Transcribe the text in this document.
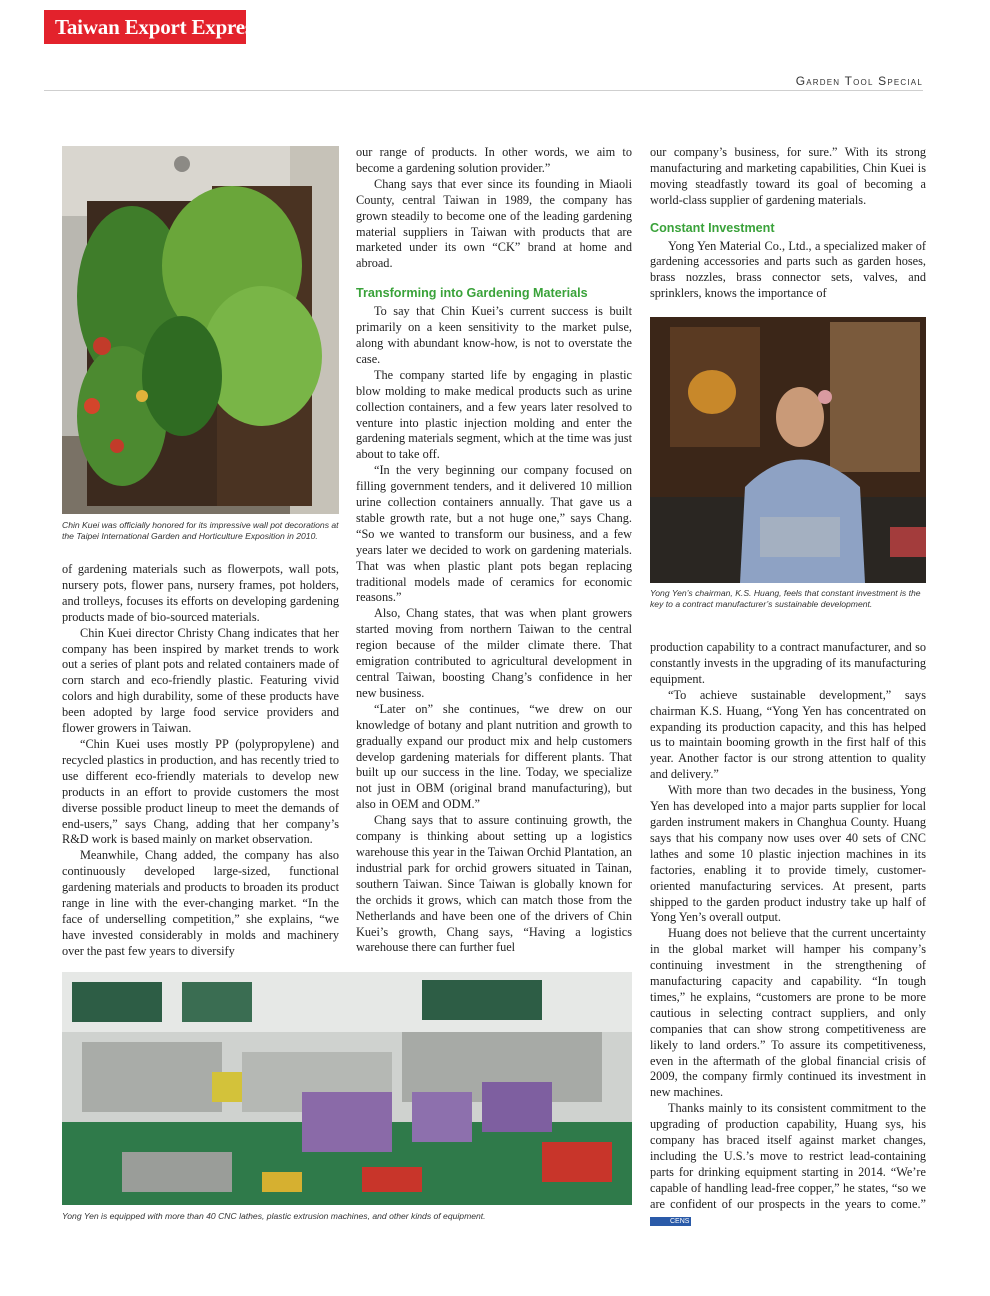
Taiwan Export Express
Garden Tool Special
Chin Kuei was officially honored for its impressive wall pot decorations at the Taipei International Garden and Horticulture Exposition in 2010.

of gardening materials such as flowerpots, wall pots, nursery pots, flower pans, nursery frames, pot holders, and trolleys, focuses its efforts on developing gardening products made of bio-sourced materials.

Chin Kuei director Christy Chang indicates that her company has been inspired by market trends to work out a series of plant pots and related containers made of corn starch and eco-friendly plastic. Featuring vivid colors and high durability, some of these products have been adopted by large food service providers and flower growers in Taiwan.

“Chin Kuei uses mostly PP (polypropylene) and recycled plastics in production, and has recently tried to use different eco-friendly materials to develop new products in an effort to provide customers the most diverse possible product lineup to meet the demands of end-users,” says Chang, adding that her company’s R&D work is based mainly on market observation.

Meanwhile, Chang added, the company has also continuously developed large-sized, functional gardening materials and products to broaden its product range in line with the ever-changing market. “In the face of underselling competition,” she explains, “we have invested considerably in molds and machinery over the past few years to diversify

our range of products. In other words, we aim to become a gardening solution provider.”

Chang says that ever since its founding in Miaoli County, central Taiwan in 1989, the company has grown steadily to become one of the leading gardening material suppliers in Taiwan with products that are marketed under its own “CK” brand at home and abroad.

Transforming into Gardening Materials

To say that Chin Kuei’s current success is built primarily on a keen sensitivity to the market pulse, along with abundant know-how, is not to overstate the case.

The company started life by engaging in plastic blow molding to make medical products such as urine collection containers, and a few years later resolved to venture into plastic injection molding and enter the gardening materials segment, which at the time was just about to take off.

“In the very beginning our company focused on filling government tenders, and it delivered 10 million urine collection containers annually. That gave us a stable growth rate, but a not huge one,” says Chang. “So we wanted to transform our business, and a few years later we decided to work on gardening materials. That was when plastic plant pots began replacing traditional models made of ceramics for economic reasons.”

Also, Chang states, that was when plant growers started moving from northern Taiwan to the central region because of the milder climate there. That emigration contributed to agricultural development in central Taiwan, boosting Chang’s confidence in her new business.

“Later on” she continues, “we drew on our knowledge of botany and plant nutrition and growth to gradually expand our product mix and help customers develop gardening materials for different plants. That built up our success in the line. Today, we specialize not just in OBM (original brand manufacturing), but also in OEM and ODM.”

Chang says that to assure continuing growth, the company is thinking about setting up a logistics warehouse this year in the Taiwan Orchid Plantation, an industrial park for orchid growers situated in Tainan, southern Taiwan. Since Taiwan is globally known for the orchids it grows, which can match those from the Netherlands and have been one of the drivers of Chin Kuei’s growth, Chang says, “Having a logistics warehouse there can further fuel

our company’s business, for sure.” With its strong manufacturing and marketing capabilities, Chin Kuei is moving steadfastly toward its goal of becoming a world-class supplier of gardening materials.

Constant Investment

Yong Yen Material Co., Ltd., a specialized maker of gardening accessories and parts such as garden hoses, brass nozzles, brass connector sets, valves, and sprinklers, knows the importance of

Yong Yen’s chairman, K.S. Huang, feels that constant investment is the key to a contract manufacturer’s sustainable development.

production capability to a contract manufacturer, and so constantly invests in the upgrading of its manufacturing equipment.

“To achieve sustainable development,” says chairman K.S. Huang, “Yong Yen has concentrated on expanding its production capacity, and this has helped us to maintain booming growth in the first half of this year. Another factor is our strong attention to quality and delivery.”

With more than two decades in the business, Yong Yen has developed into a major parts supplier for local garden instrument makers in Changhua County. Huang says that his company now uses over 40 sets of CNC lathes and some 10 plastic injection machines in its factories, enabling it to provide timely, customer-oriented manufacturing services. At present, parts shipped to the garden product industry take up half of Yong Yen’s overall output.

Huang does not believe that the current uncertainty in the global market will hamper his company’s continuing investment in the strengthening of manufacturing capacity and capability. “In tough times,” he explains, “customers are prone to be more cautious in selecting contract suppliers, and only companies that can show strong competitiveness are likely to land orders.” To assure its competitiveness, even in the aftermath of the global financial crisis of 2009, the company firmly continued its investment in new machines.

Thanks mainly to its consistent commitment to the upgrading of production capability, Huang sys, his company has braced itself against market changes, including the U.S.’s move to restrict lead-containing parts for drinking equipment starting in 2014. “We’re capable of handling lead-free copper,” he states, “so we are confident of our prospects in the years to come.” CENS

Yong Yen is equipped with more than 40 CNC lathes, plastic extrusion machines, and other kinds of equipment.
